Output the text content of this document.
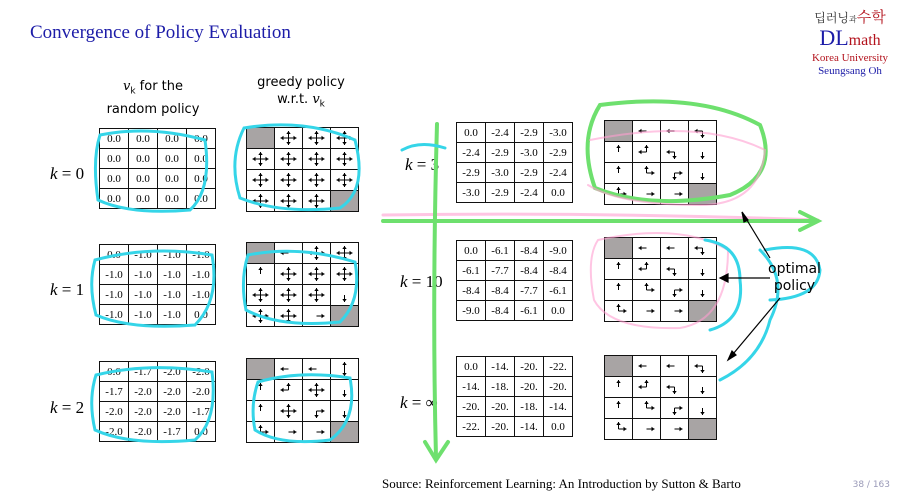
Convergence of Policy Evaluation
딥러닝과수학
DLmath
Korea University
Seungsang Oh
$v_k$ for the
random policy
greedy policy
w.r.t. $v_k$
k = 0
0.0	0.0	0.0	0.0
0.0	0.0	0.0	0.0
0.0	0.0	0.0	0.0
0.0	0.0	0.0	0.0

k = 1
0.0	-1.0	-1.0	-1.0
-1.0	-1.0	-1.0	-1.0
-1.0	-1.0	-1.0	-1.0
-1.0	-1.0	-1.0	0.0

k = 2
0.0	-1.7	-2.0	-2.0
-1.7	-2.0	-2.0	-2.0
-2.0	-2.0	-2.0	-1.7
-2.0	-2.0	-1.7	0.0

k = 3
0.0	-2.4	-2.9	-3.0
-2.4	-2.9	-3.0	-2.9
-2.9	-3.0	-2.9	-2.4
-3.0	-2.9	-2.4	0.0

k = 10
0.0	-6.1	-8.4	-9.0
-6.1	-7.7	-8.4	-8.4
-8.4	-8.4	-7.7	-6.1
-9.0	-8.4	-6.1	0.0

k = ∞
0.0	-14.	-20.	-22.
-14.	-18.	-20.	-20.
-20.	-20.	-18.	-14.
-22.	-20.	-14.	0.0

optimal
policy
Source: Reinforcement Learning: An Introduction by Sutton & Barto	38 / 163
